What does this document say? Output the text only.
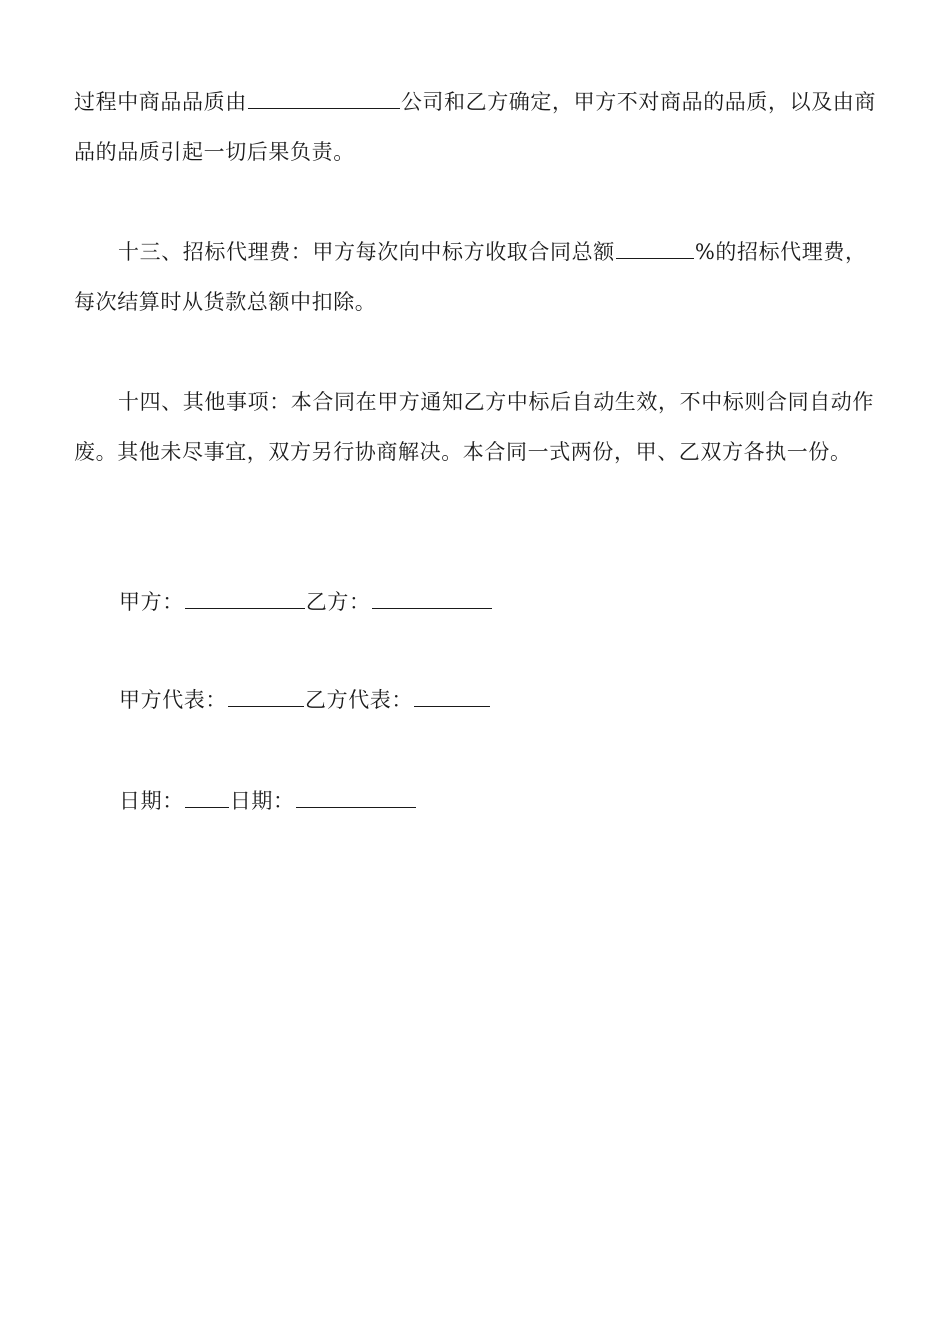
过程中商品品质由	公司和乙方确定，甲方不对商品的品质，以及由商品的品质引起一切后果负责。

十三、招标代理费：甲方每次向中标方收取合同总额	%的招标代理费，每次结算时从货款总额中扣除。

十四、其他事项：本合同在甲方通知乙方中标后自动生效，不中标则合同自动作废。其他未尽事宜，双方另行协商解决。本合同一式两份，甲、乙双方各执一份。

甲方：	乙方：
甲方代表：	乙方代表：
日期： 日期：
